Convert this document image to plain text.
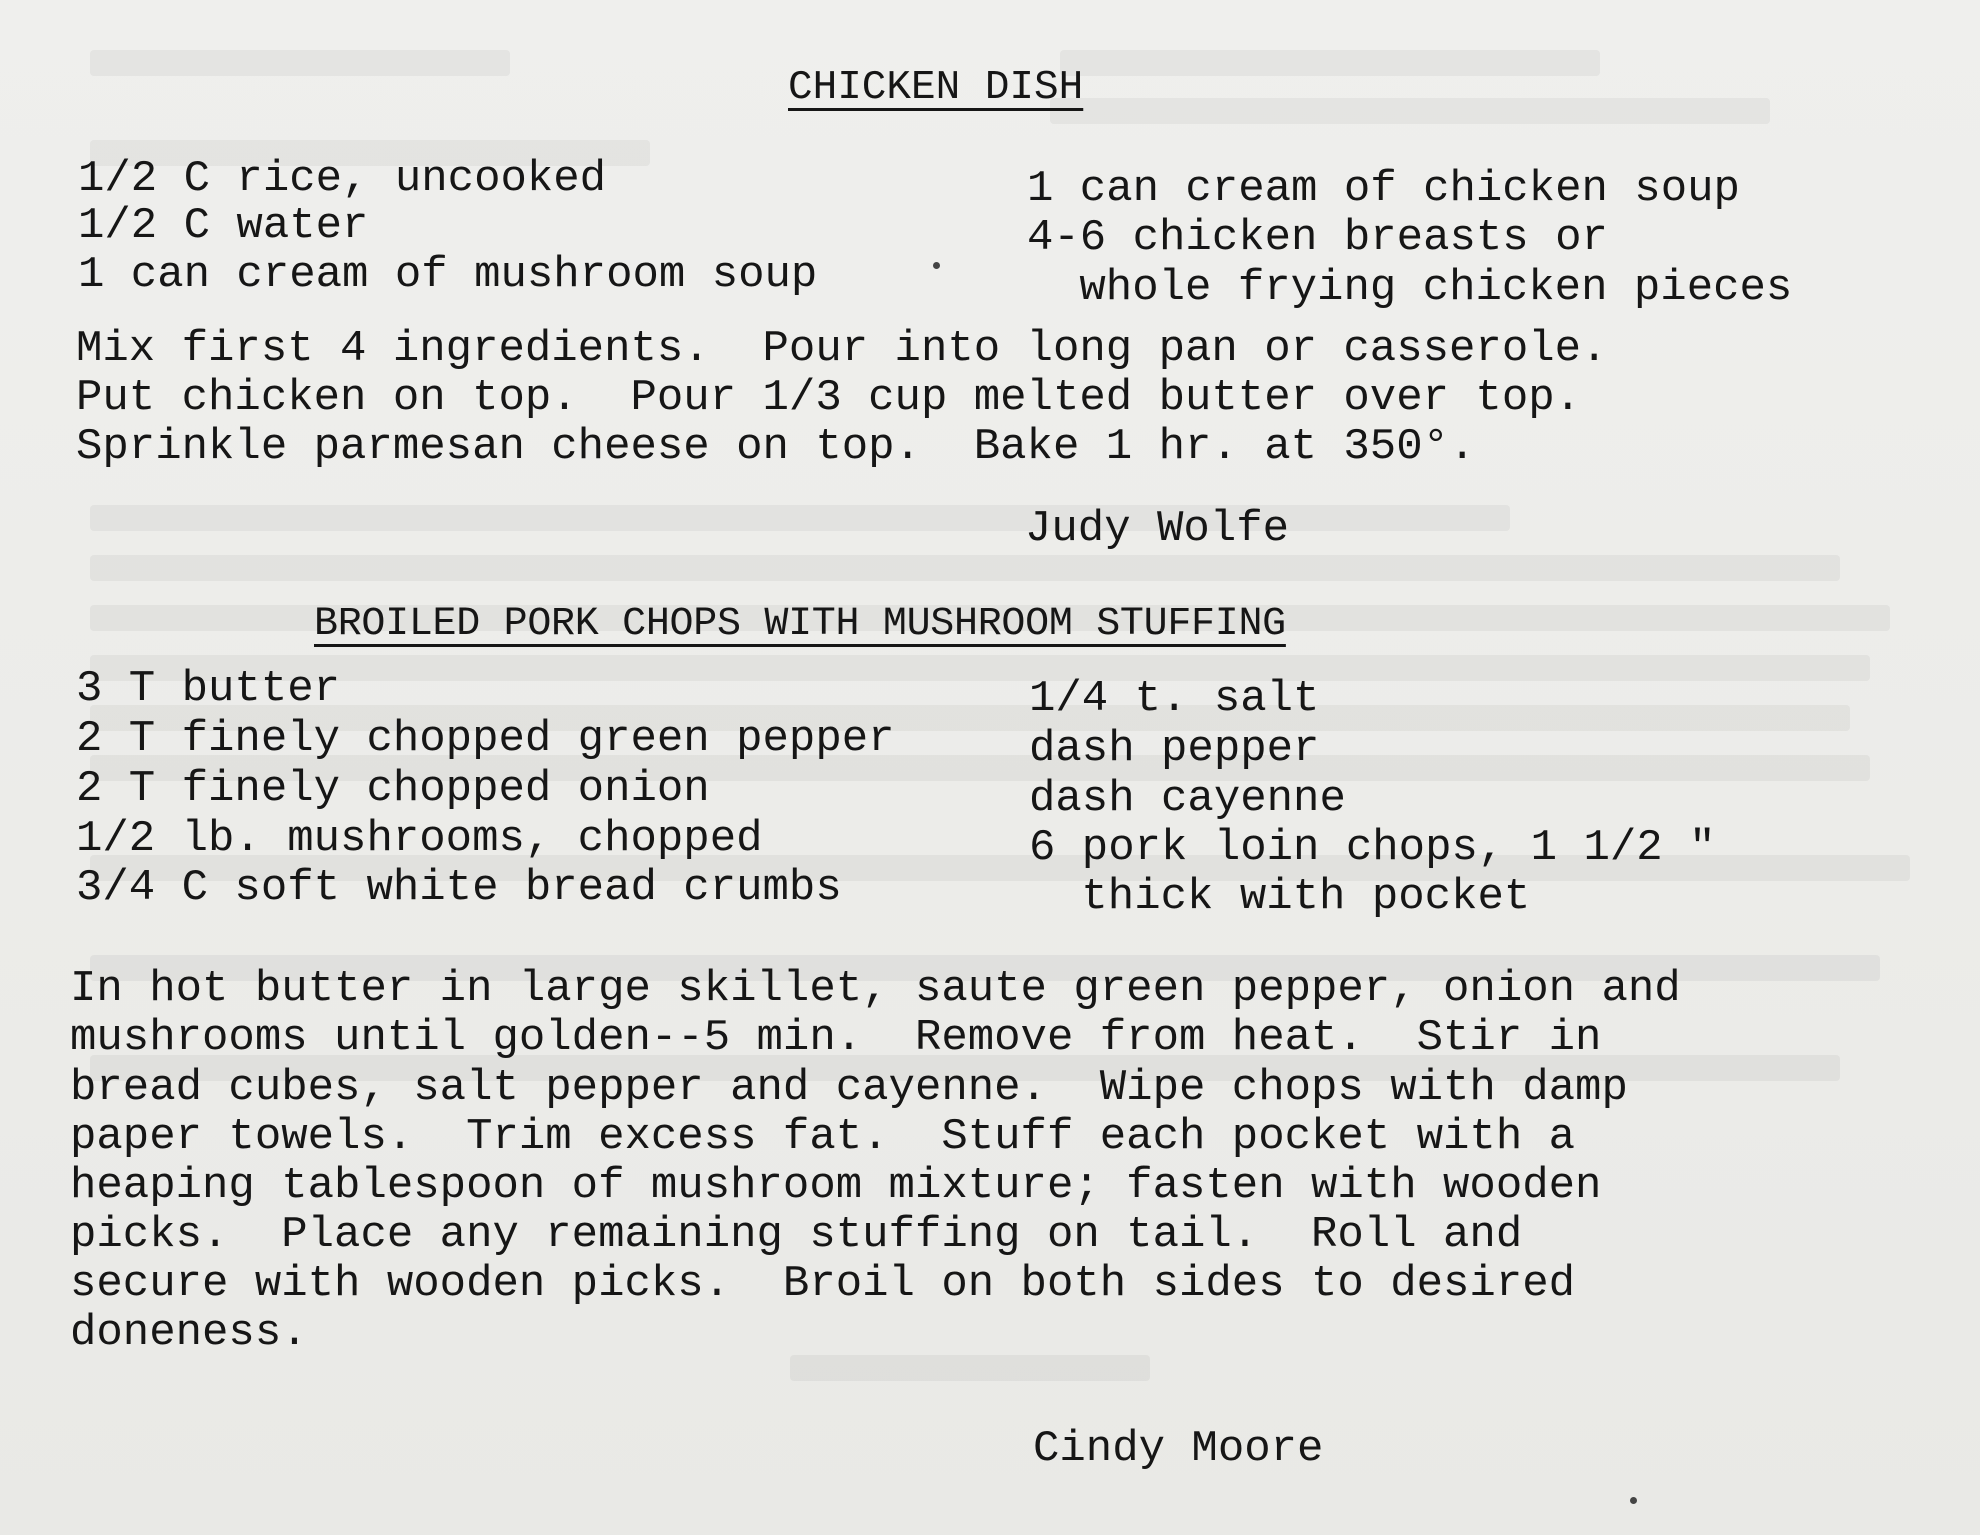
CHICKEN DISH
1/2 C rice, uncooked
1/2 C water
1 can cream of mushroom soup
1 can cream of chicken soup
4-6 chicken breasts or
whole frying chicken pieces
Mix first 4 ingredients.  Pour into long pan or casserole.
Put chicken on top.  Pour 1/3 cup melted butter over top.
Sprinkle parmesan cheese on top.  Bake 1 hr. at 350°.
Judy Wolfe
BROILED PORK CHOPS WITH MUSHROOM STUFFING
3 T butter
2 T finely chopped green pepper
2 T finely chopped onion
1/2 lb. mushrooms, chopped
3/4 C soft white bread crumbs
1/4 t. salt
dash pepper
dash cayenne
6 pork loin chops, 1 1/2 "
thick with pocket
In hot butter in large skillet, saute green pepper, onion and
mushrooms until golden--5 min.  Remove from heat.  Stir in
bread cubes, salt pepper and cayenne.  Wipe chops with damp
paper towels.  Trim excess fat.  Stuff each pocket with a
heaping tablespoon of mushroom mixture; fasten with wooden
picks.  Place any remaining stuffing on tail.  Roll and
secure with wooden picks.  Broil on both sides to desired
doneness.
Cindy Moore
